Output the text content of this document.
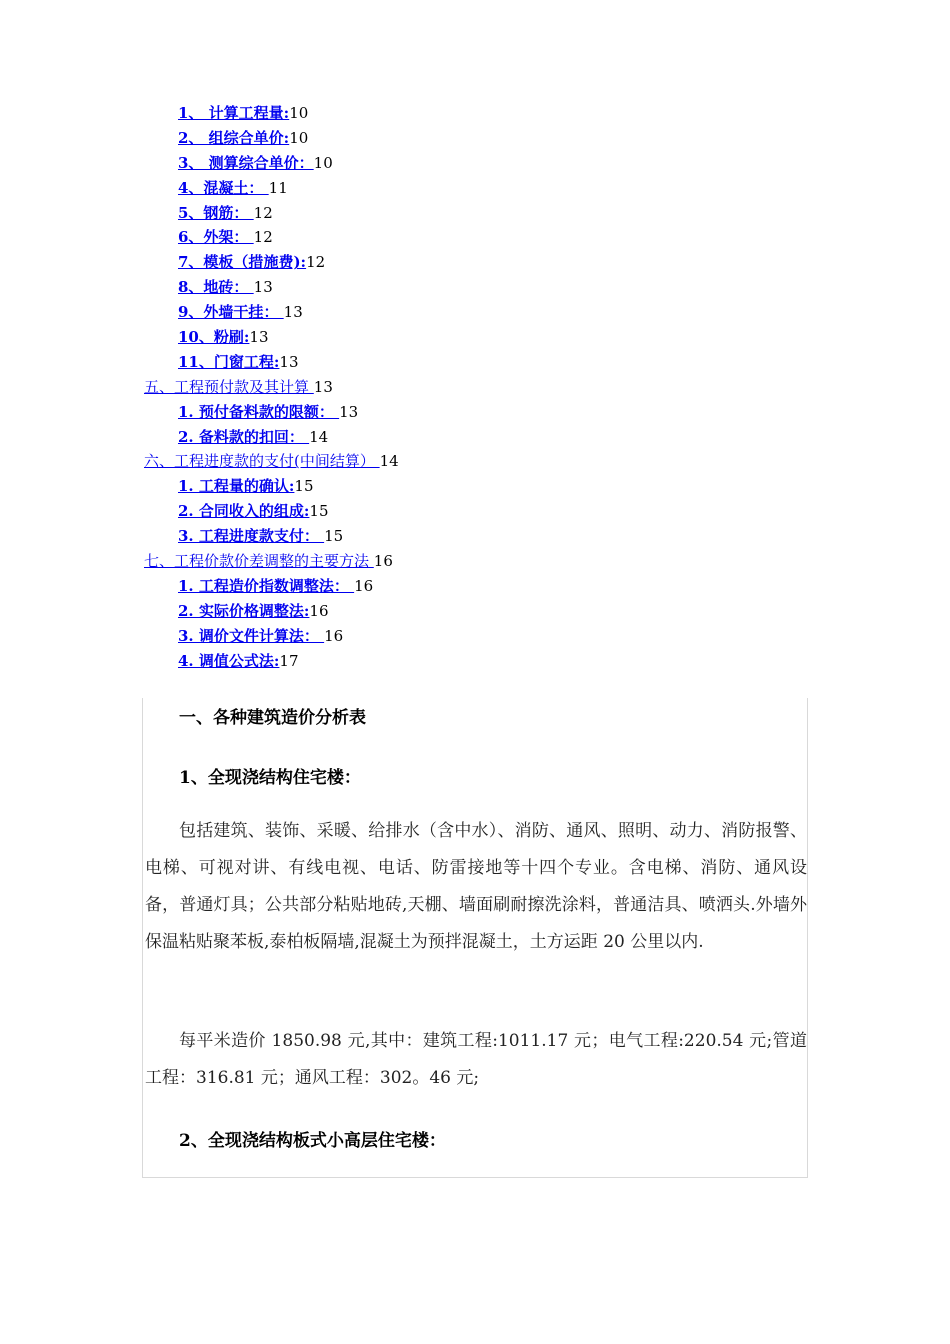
1、 计算工程量:10
2、 组综合单价:10
3、 测算综合单价：10
4、混凝土： 11
5、钢筋： 12
6、外架： 12
7、模板（措施费):12
8、地砖： 13
9、外墙干挂： 13
10、粉刷:13
11、门窗工程:13
五、工程预付款及其计算 13
1. 预付备料款的限额： 13
2. 备料款的扣回： 14
六、工程进度款的支付(中间结算） 14
1. 工程量的确认:15
2. 合同收入的组成:15
3. 工程进度款支付： 15
七、工程价款价差调整的主要方法 16
1. 工程造价指数调整法： 16
2. 实际价格调整法:16
3. 调价文件计算法： 16
4. 调值公式法:17
一、各种建筑造价分析表
1、全现浇结构住宅楼：
包括建筑、装饰、采暖、给排水（含中水）、消防、通风、照明、动力、消防报警、电梯、可视对讲、有线电视、电话、防雷接地等十四个专业。含电梯、消防、通风设备，普通灯具；公共部分粘贴地砖,天棚、墙面刷耐擦洗涂料，普通洁具、喷洒头.外墙外保温粘贴聚苯板,泰柏板隔墙,混凝土为预拌混凝土，土方运距 20 公里以内.
每平米造价 1850.98 元,其中：建筑工程:1011.17 元；电气工程:220.54 元;管道工程：316.81 元；通风工程：302。46 元;
2、全现浇结构板式小高层住宅楼：
